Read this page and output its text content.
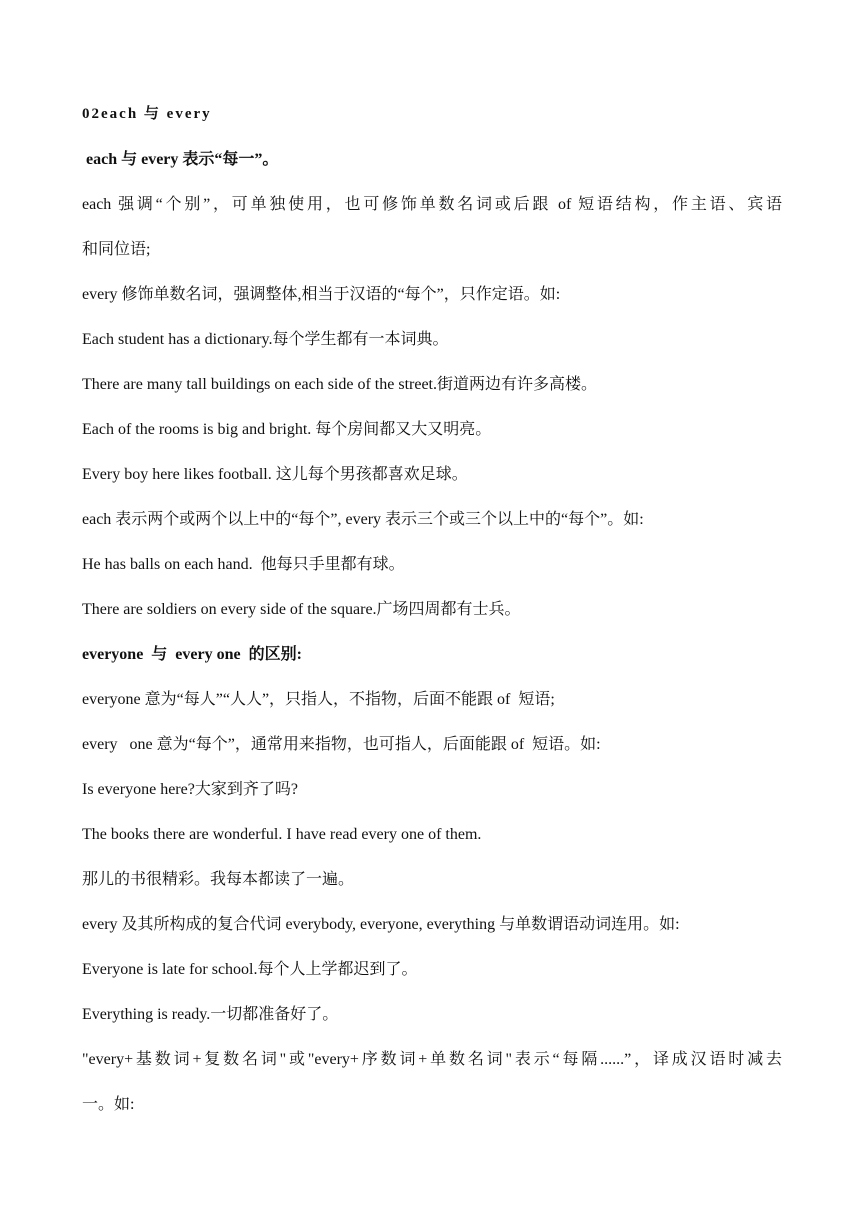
02each 与 every
each 与 every 表示“每一”。
each 强调“个别”，可单独使用，也可修饰单数名词或后跟 of 短语结构，作主语、宾语
和同位语;
every 修饰单数名词，强调整体,相当于汉语的“每个”，只作定语。如:
Each student has a dictionary.每个学生都有一本词典。
There are many tall buildings on each side of the street.街道两边有许多高楼。
Each of the rooms is big and bright. 每个房间都又大又明亮。
Every boy here likes football. 这儿每个男孩都喜欢足球。
each 表示两个或两个以上中的“每个”, every 表示三个或三个以上中的“每个”。如:
He has balls on each hand.  他每只手里都有球。
There are soldiers on every side of the square.广场四周都有士兵。
everyone  与  every one  的区别:
everyone 意为“每人”“人人”，只指人，不指物，后面不能跟 of  短语;
every   one 意为“每个”，通常用来指物，也可指人，后面能跟 of  短语。如:
Is everyone here?大家到齐了吗?
The books there are wonderful. I have read every one of them.
那儿的书很精彩。我每本都读了一遍。
every 及其所构成的复合代词 everybody, everyone, everything 与单数谓语动词连用。如:
Everyone is late for school.每个人上学都迟到了。
Everything is ready.一切都准备好了。
"every+基数词+复数名词"或"every+序数词+单数名词"表示“每隔......”，译成汉语时减去
一。如:
